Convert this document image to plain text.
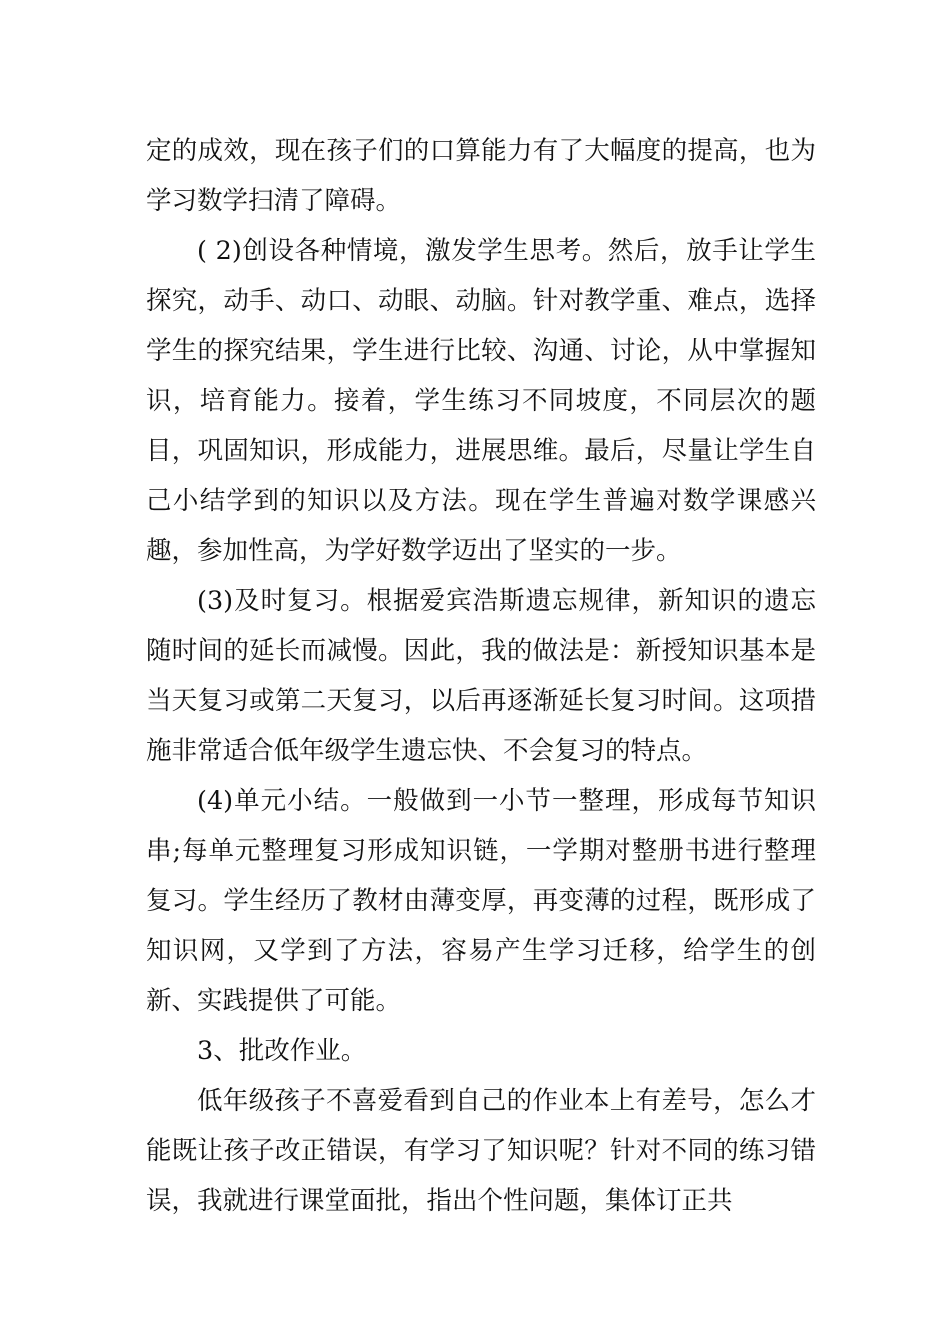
定的成效，现在孩子们的口算能力有了大幅度的提高，也为学习数学扫清了障碍。

( 2)创设各种情境，激发学生思考。然后，放手让学生探究，动手、动口、动眼、动脑。针对教学重、难点，选择学生的探究结果，学生进行比较、沟通、讨论，从中掌握知识，培育能力。接着，学生练习不同坡度，不同层次的题目，巩固知识，形成能力，进展思维。最后，尽量让学生自己小结学到的知识以及方法。现在学生普遍对数学课感兴趣，参加性高，为学好数学迈出了坚实的一步。

(3)及时复习。根据爱宾浩斯遗忘规律，新知识的遗忘随时间的延长而减慢。因此，我的做法是：新授知识基本是当天复习或第二天复习，以后再逐渐延长复习时间。这项措施非常适合低年级学生遗忘快、不会复习的特点。

(4)单元小结。一般做到一小节一整理，形成每节知识串;每单元整理复习形成知识链，一学期对整册书进行整理复习。学生经历了教材由薄变厚，再变薄的过程，既形成了知识网，又学到了方法，容易产生学习迁移，给学生的创新、实践提供了可能。

3、批改作业。

低年级孩子不喜爱看到自己的作业本上有差号，怎么才能既让孩子改正错误，有学习了知识呢？针对不同的练习错误，我就进行课堂面批，指出个性问题，集体订正共
